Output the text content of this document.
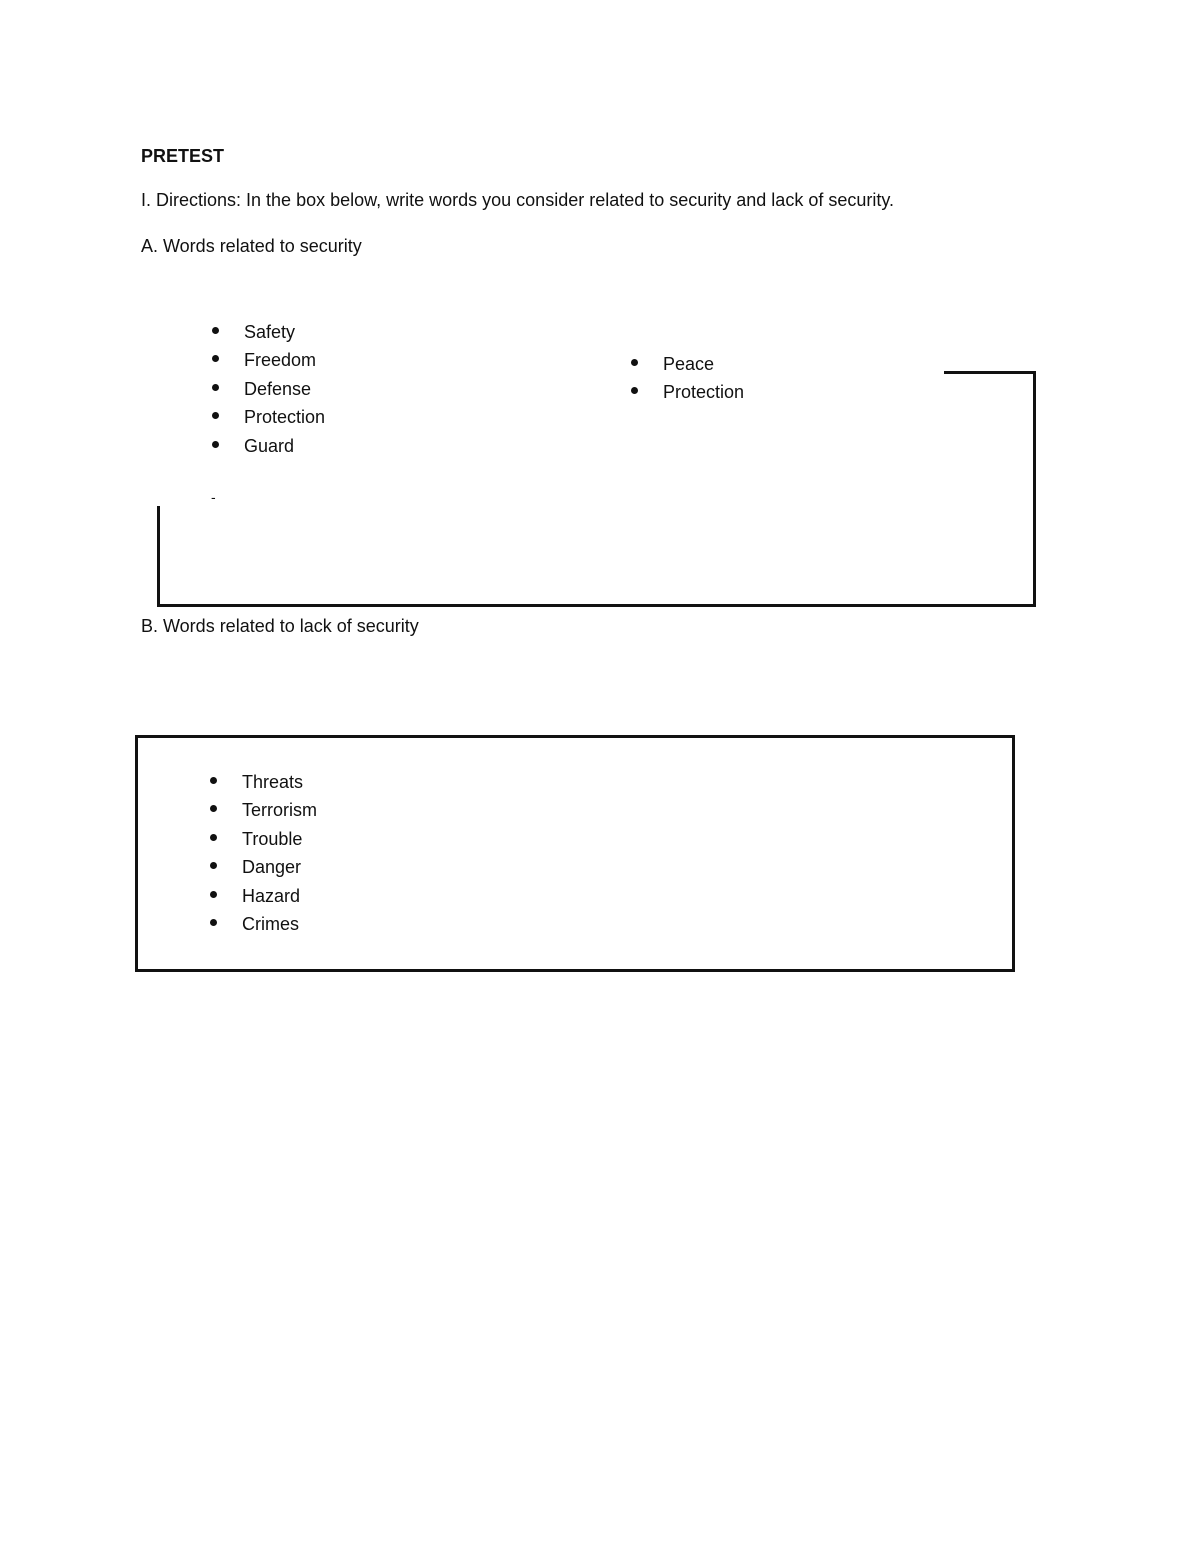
PRETEST
I. Directions: In the box below, write words you consider related to security and lack of security.
A. Words related to security
Safety
Freedom
Defense
Protection
Guard
Peace
Protection
-
B. Words related to lack of security
Threats
Terrorism
Trouble
Danger
Hazard
Crimes
